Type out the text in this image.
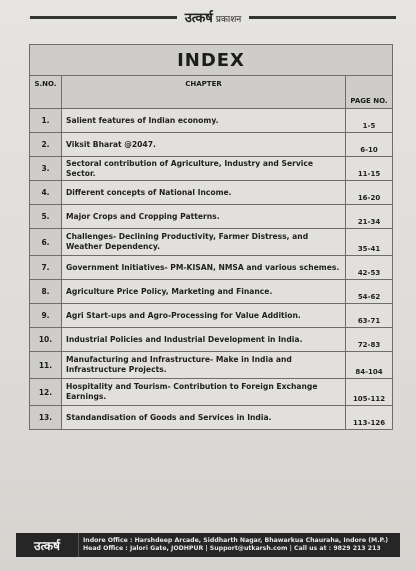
उत्कर्ष प्रकाशन
INDEX		
S.NO.	CHAPTER	PAGE NO.
1.	Salient features of Indian economy.	1-5
2.	Viksit Bharat @2047.	6-10
3.	Sectoral contribution of Agriculture, Industry and Service Sector.	11-15
4.	Different concepts of National Income.	16-20
5.	Major Crops and Cropping Patterns.	21-34
6.	Challenges- Declining Productivity, Farmer Distress, and Weather Dependency.	35-41
7.	Government Initiatives- PM-KISAN, NMSA and various schemes.	42-53
8.	Agriculture Price Policy, Marketing and Finance.	54-62
9.	Agri Start-ups and Agro-Processing for Value Addition.	63-71
10.	Industrial Policies and Industrial Development in India.	72-83
11.	Manufacturing and Infrastructure- Make in India and Infrastructure Projects.	84-104
12.	Hospitality and Tourism- Contribution to Foreign Exchange Earnings.	105-112
13.	Standandisation of Goods and Services in India.	113-126
उत्कर्ष	Indore Office : Harshdeep Arcade, Siddharth Nagar, Bhawarkua Chauraha, Indore (M.P.)
Head Office : Jalori Gate, JODHPUR | Support@utkarsh.com | Call us at : 9829 213 213
